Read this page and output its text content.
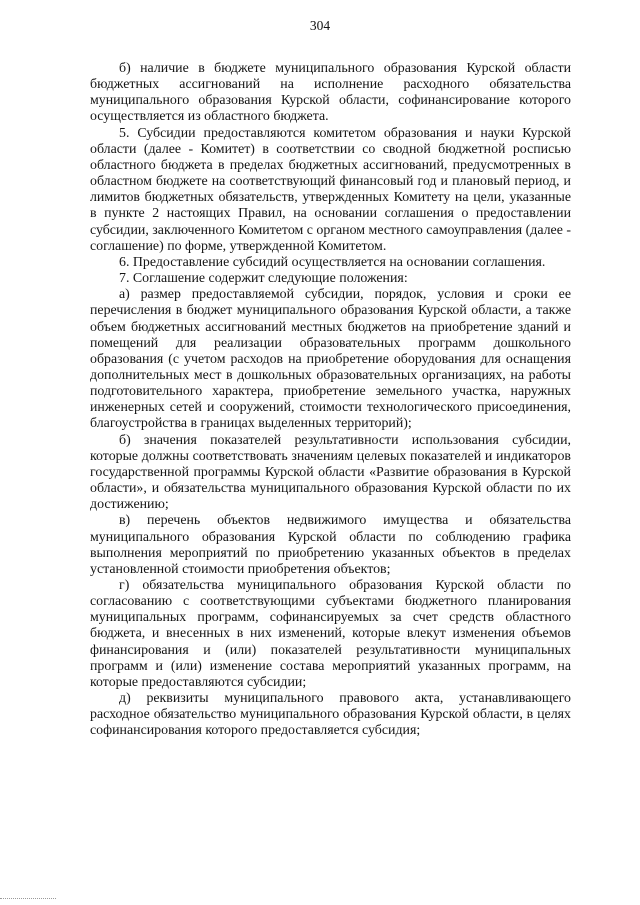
304

б) наличие в бюджете муниципального образования Курской области бюджетных ассигнований на исполнение расходного обязательства муниципального образования Курской области, софинансирование которого осуществляется из областного бюджета.

5. Субсидии предоставляются комитетом образования и науки Курской области (далее - Комитет) в соответствии со сводной бюджетной росписью областного бюджета в пределах бюджетных ассигнований, предусмотренных в областном бюджете на соответствующий финансовый год и плановый период, и лимитов бюджетных обязательств, утвержденных Комитету на цели, указанные в пункте 2 настоящих Правил, на основании соглашения о предоставлении субсидии, заключенного Комитетом с органом местного самоуправления (далее - соглашение) по форме, утвержденной Комитетом.

6. Предоставление субсидий осуществляется на основании соглашения.

7. Соглашение содержит следующие положения:

а) размер предоставляемой субсидии, порядок, условия и сроки ее перечисления в бюджет муниципального образования Курской области, а также объем бюджетных ассигнований местных бюджетов на приобретение зданий и помещений для реализации образовательных программ дошкольного образования (с учетом расходов на приобретение оборудования для оснащения дополнительных мест в дошкольных образовательных организациях, на работы подготовительного характера, приобретение земельного участка, наружных инженерных сетей и сооружений, стоимости технологического присоединения, благоустройства в границах выделенных территорий);

б) значения показателей результативности использования субсидии, которые должны соответствовать значениям целевых показателей и индикаторов государственной программы Курской области «Развитие образования в Курской области», и обязательства муниципального образования Курской области по их достижению;

в) перечень объектов недвижимого имущества и обязательства муниципального образования Курской области по соблюдению графика выполнения мероприятий по приобретению указанных объектов в пределах установленной стоимости приобретения объектов;

г) обязательства муниципального образования Курской области по согласованию с соответствующими субъектами бюджетного планирования муниципальных программ, софинансируемых за счет средств областного бюджета, и внесенных в них изменений, которые влекут изменения объемов финансирования и (или) показателей результативности муниципальных программ и (или) изменение состава мероприятий указанных программ, на которые предоставляются субсидии;

д) реквизиты муниципального правового акта, устанавливающего расходное обязательство муниципального образования Курской области, в целях софинансирования которого предоставляется субсидия;
